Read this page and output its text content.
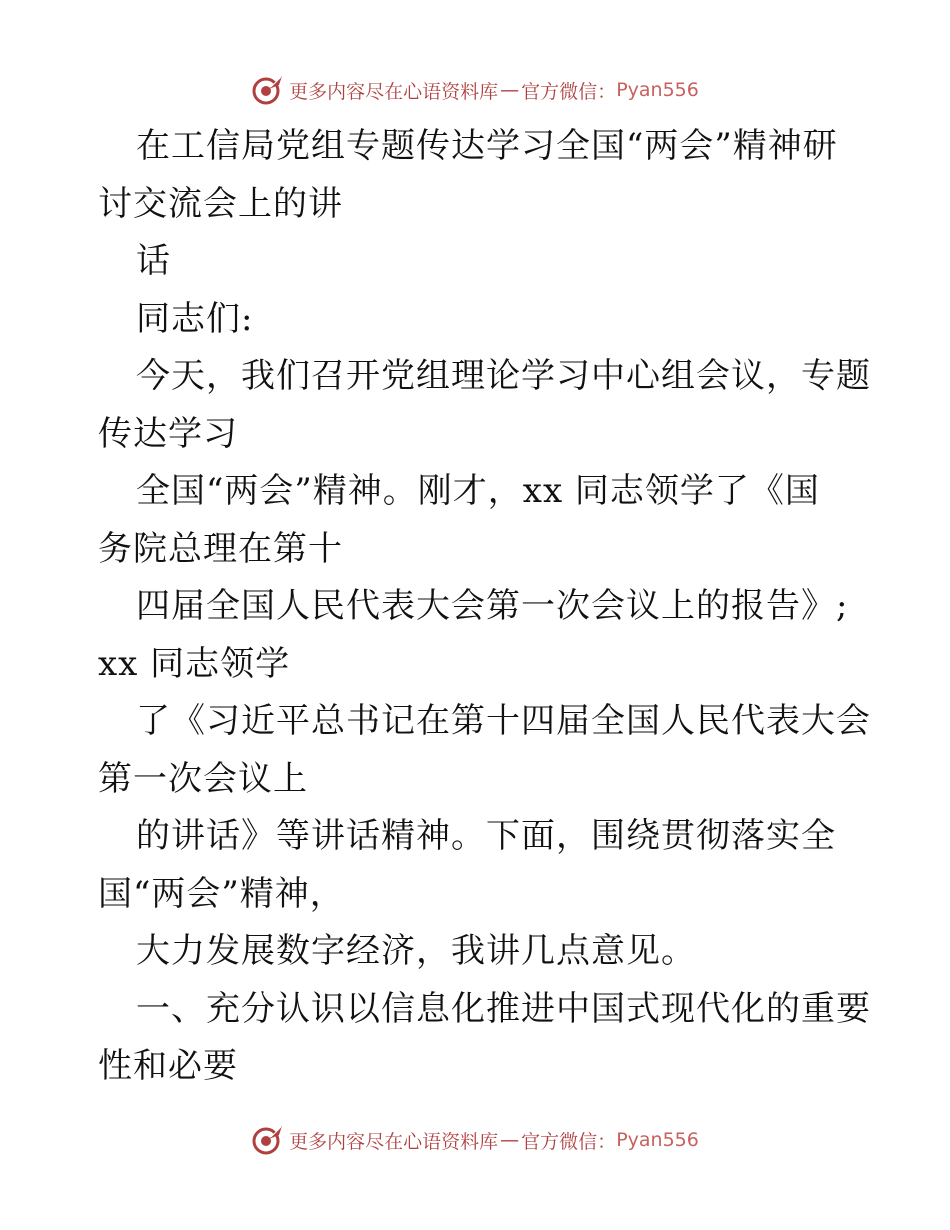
更多内容尽在心语资料库 — 官方微信： Pyan556
在工信局党组专题传达学习全国“两会”精神研
讨交流会上的讲
话
同志们:
今天，我们召开党组理论学习中心组会议，专题
传达学习
全国“两会”精神。刚才，xx 同志领学了《国
务院总理在第十
四届全国人民代表大会第一次会议上的报告》;
xx 同志领学
了《习近平总书记在第十四届全国人民代表大会
第一次会议上
的讲话》等讲话精神。下面，围绕贯彻落实全
国“两会”精神，
大力发展数字经济，我讲几点意见。
一、充分认识以信息化推进中国式现代化的重要
性和必要
更多内容尽在心语资料库 — 官方微信： Pyan556
